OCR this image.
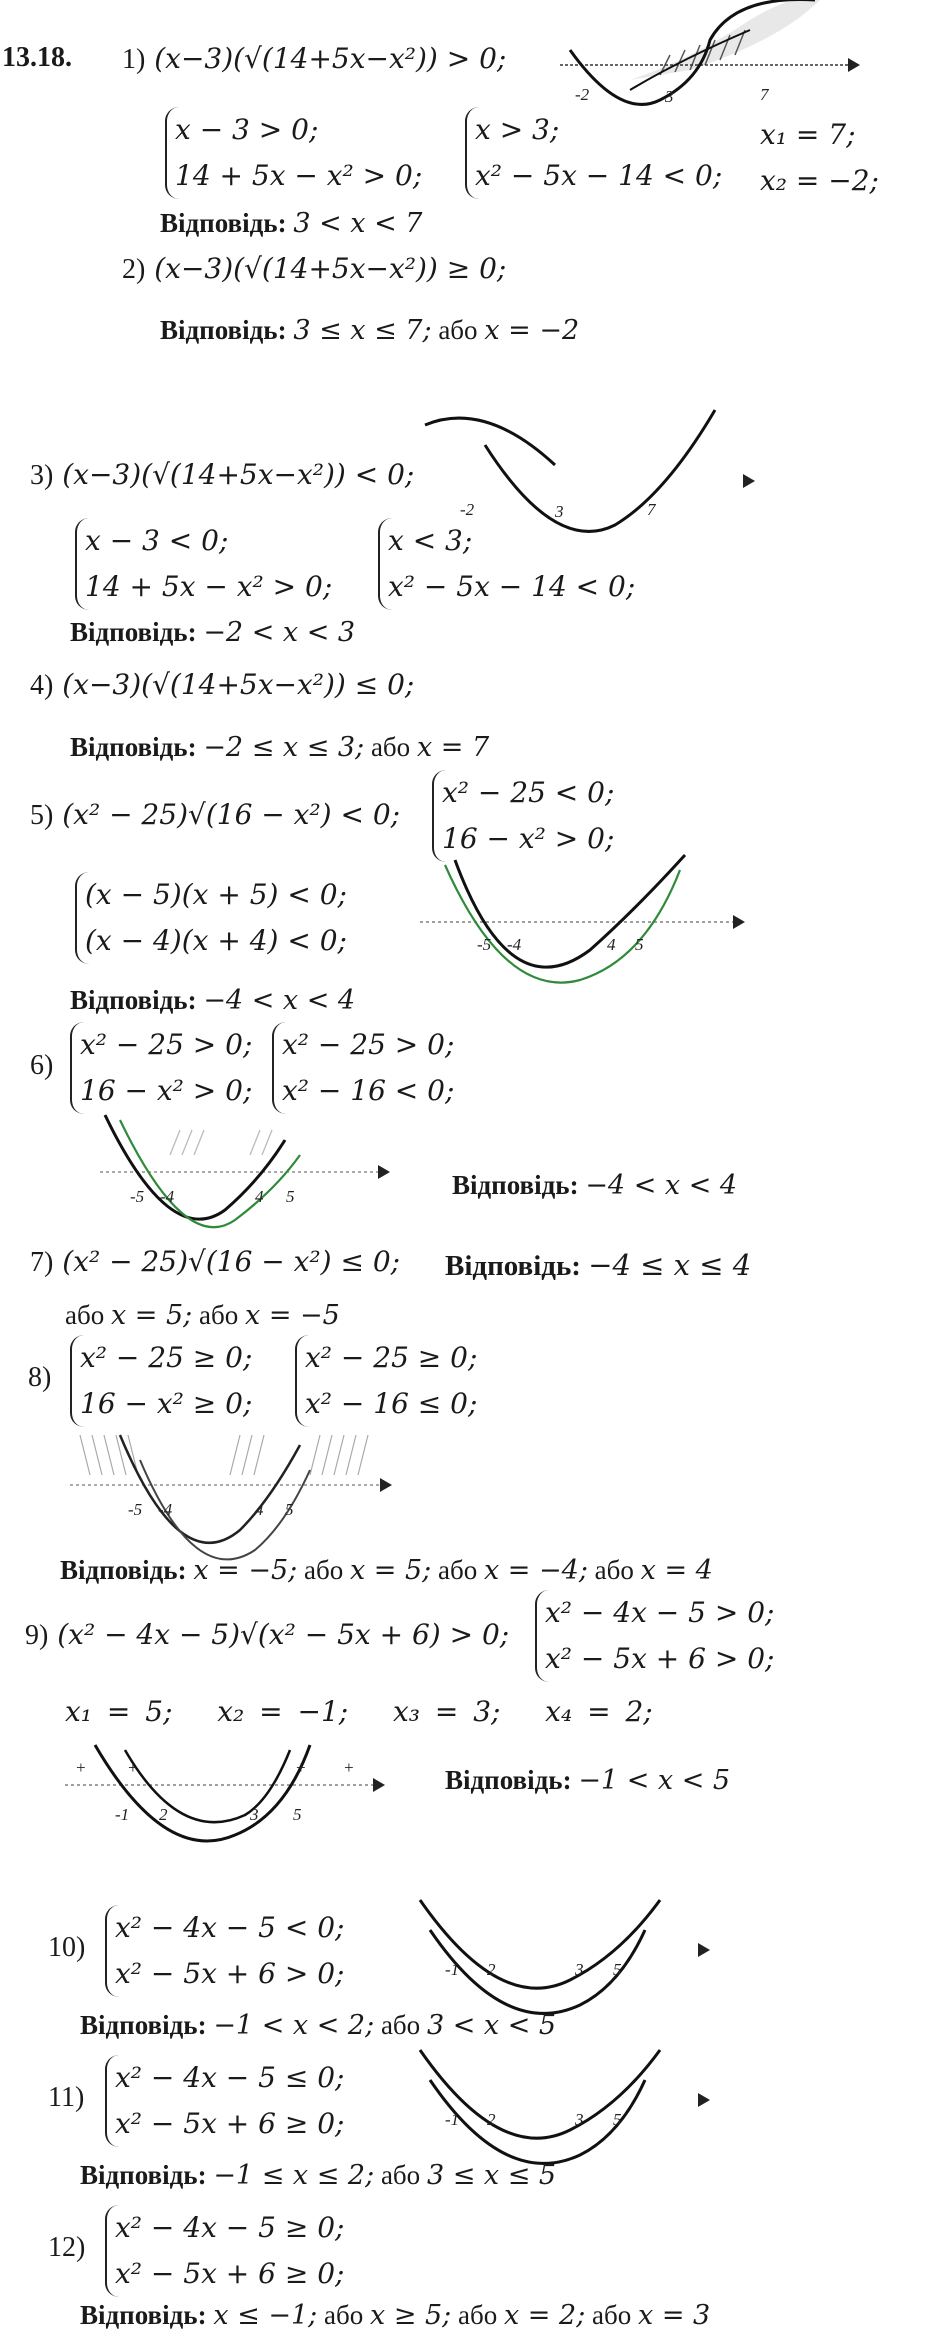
13.18. 1) (x−3)(√(14+5x−x²)) > 0;
-2	3	7
x − 3 > 0;
14 + 5x − x² > 0;
x > 3;
x² − 5x − 14 < 0;
x₁ = 7;
x₂ = −2;
Відповідь: 3 < x < 7
2) (x−3)(√(14+5x−x²)) ≥ 0;
Відповідь: 3 ≤ x ≤ 7; або x = −2
3) (x−3)(√(14+5x−x²)) < 0;
-2	3	7
x − 3 < 0;
14 + 5x − x² > 0;
x < 3;
x² − 5x − 14 < 0;
Відповідь: −2 < x < 3
4) (x−3)(√(14+5x−x²)) ≤ 0;
Відповідь: −2 ≤ x ≤ 3; або x = 7
5) (x² − 25)√(16 − x²) < 0;
x² − 25 < 0;
16 − x² > 0;
(x − 5)(x + 5) < 0;
(x − 4)(x + 4) < 0;	-5 -4	4 5
Відповідь: −4 < x < 4
6)
x² − 25 > 0;
16 − x² > 0;
x² − 25 > 0;
x² − 16 < 0;
-5 -4	4 5	Відповідь: −4 < x < 4
7) (x² − 25)√(16 − x²) ≤ 0; Відповідь: −4 ≤ x ≤ 4
або x = 5; або x = −5
8)
x² − 25 ≥ 0;
16 − x² ≥ 0;
x² − 25 ≥ 0;
x² − 16 ≤ 0;
-5 -4	4 5
Відповідь: x = −5; або x = 5; або x = −4; або x = 4
9) (x² − 4x − 5)√(x² − 5x + 6) > 0;
x² − 4x − 5 > 0;
x² − 5x + 6 > 0;
x₁ = 5; x₂ = −1; x₃ = 3; x₄ = 2;
+ +	+ +
-1 2	3 5
Відповідь: −1 < x < 5
10)
x² − 4x − 5 < 0;
x² − 5x + 6 > 0;	-1 2	3 5
Відповідь: −1 < x < 2; або 3 < x < 5
11)
x² − 4x − 5 ≤ 0;
x² − 5x + 6 ≥ 0;	-1 2	3 5
Відповідь: −1 ≤ x ≤ 2; або 3 ≤ x ≤ 5
12)
x² − 4x − 5 ≥ 0;
x² − 5x + 6 ≥ 0;
Відповідь: x ≤ −1; або x ≥ 5; або x = 2; або x = 3
